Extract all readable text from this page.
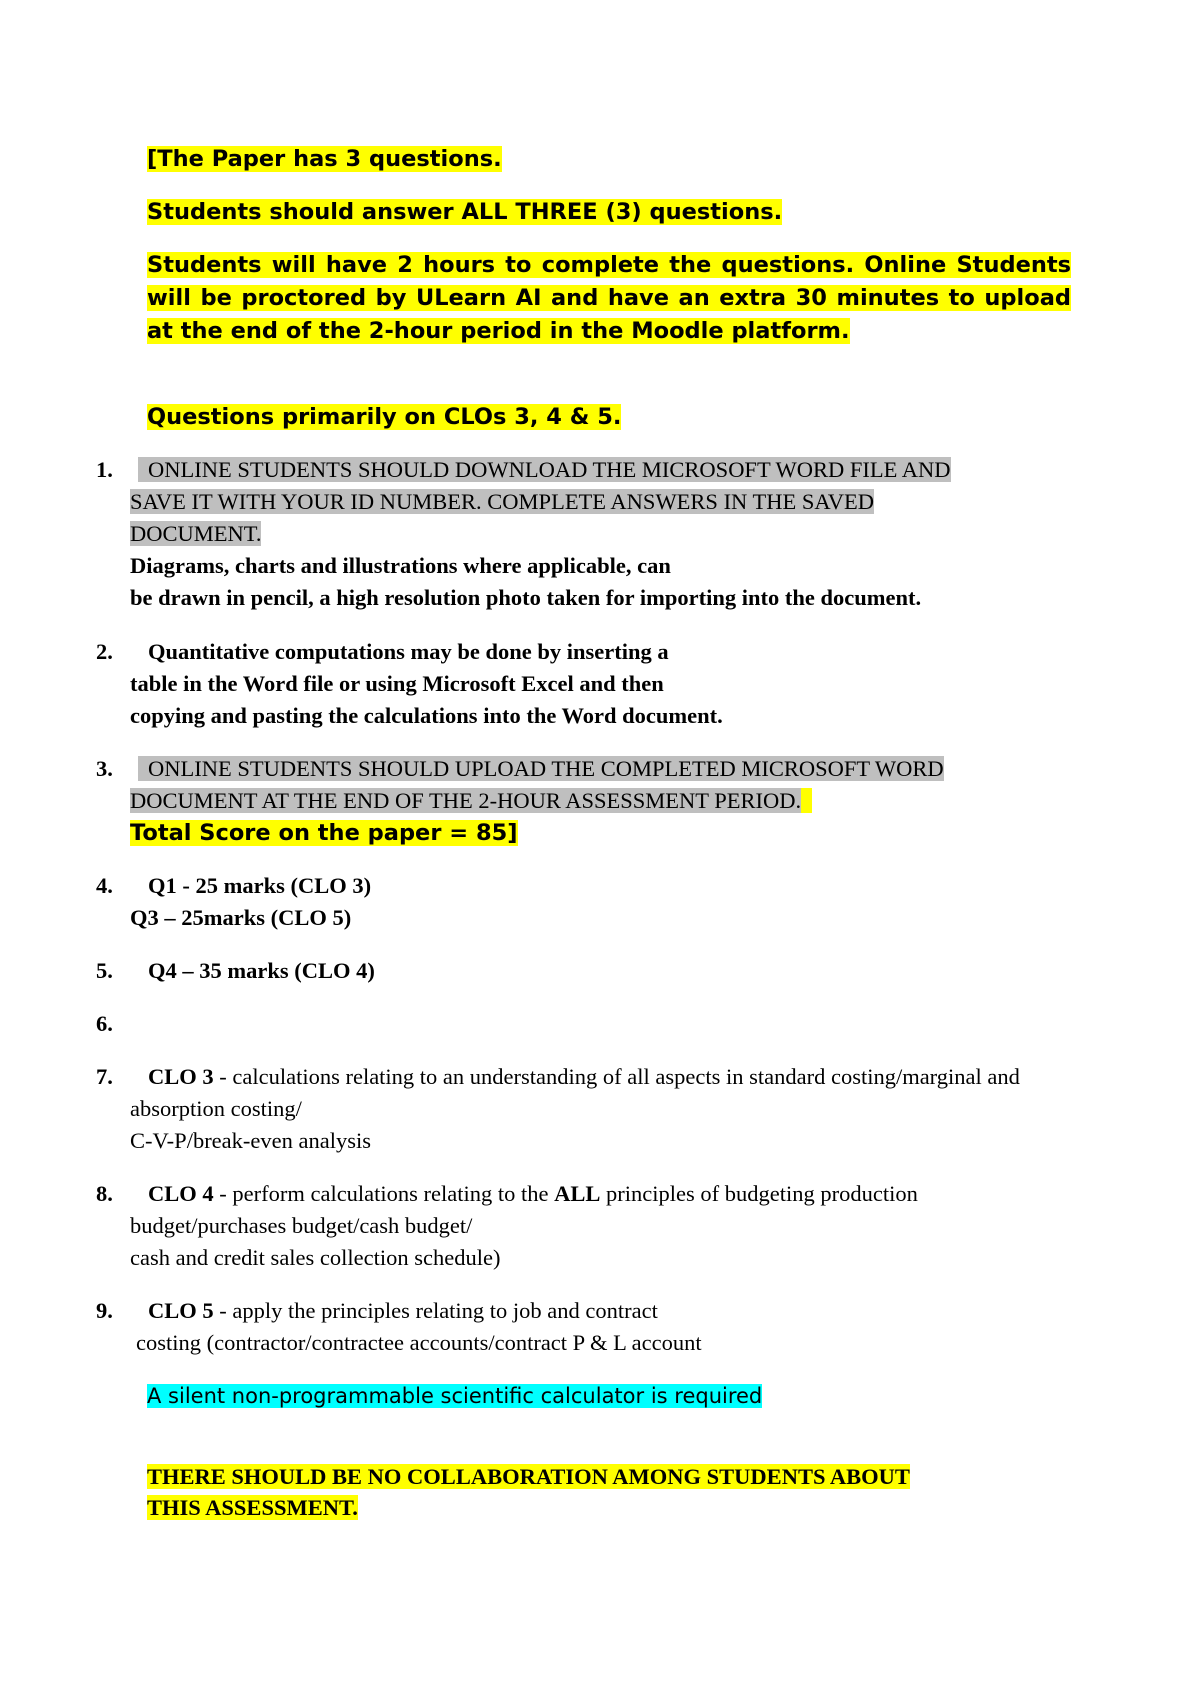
[The Paper has 3 questions.
Students should answer ALL THREE (3) questions.
Students will have 2 hours to complete the questions. Online Students will be proctored by ULearn AI and have an extra 30 minutes to upload at the end of the 2-hour period in the Moodle platform.
Questions primarily on CLOs 3, 4 & 5.
1.	ONLINE STUDENTS SHOULD DOWNLOAD THE MICROSOFT WORD FILE AND
SAVE IT WITH YOUR ID NUMBER. COMPLETE ANSWERS IN THE SAVED
DOCUMENT.
Diagrams, charts and illustrations where applicable, can
be drawn in pencil, a high resolution photo taken for importing into the document.
2.	Quantitative computations may be done by inserting a
table in the Word file or using Microsoft Excel and then
copying and pasting the calculations into the Word document.
3.	ONLINE STUDENTS SHOULD UPLOAD THE COMPLETED MICROSOFT WORD
DOCUMENT AT THE END OF THE 2-HOUR ASSESSMENT PERIOD.
Total Score on the paper = 85]
4.	Q1 - 25 marks (CLO 3)
Q3 – 25marks (CLO 5)
5.	Q4 – 35 marks (CLO 4)
6.
7.	CLO 3 - calculations relating to an understanding of all aspects in standard costing/marginal and
absorption costing/
C-V-P/break-even analysis
8.	CLO 4 - perform calculations relating to the ALL principles of budgeting production
budget/purchases budget/cash budget/
cash and credit sales collection schedule)
9.	CLO 5 - apply the principles relating to job and contract
costing (contractor/contractee accounts/contract P & L account
A silent non-programmable scientific calculator is required
THERE SHOULD BE NO COLLABORATION AMONG STUDENTS ABOUT
THIS ASSESSMENT.
